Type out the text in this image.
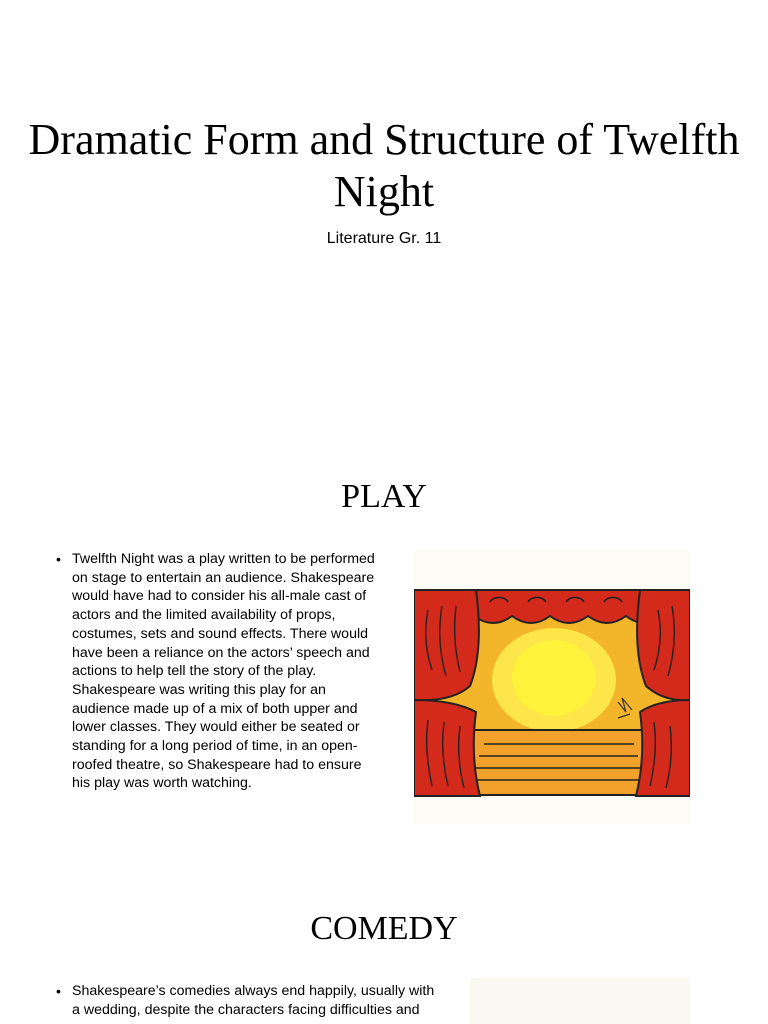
Dramatic Form and Structure of Twelfth Night
Literature Gr. 11
PLAY
• Twelfth Night was a play written to be performed on stage to entertain an audience. Shakespeare would have had to consider his all-male cast of actors and the limited availability of props, costumes, sets and sound effects. There would have been a reliance on the actors’ speech and actions to help tell the story of the play. Shakespeare was writing this play for an audience made up of a mix of both upper and lower classes. They would either be seated or standing for a long period of time, in an open-roofed theatre, so Shakespeare had to ensure his play was worth watching.
COMEDY
• Shakespeare’s comedies always end happily, usually with a wedding, despite the characters facing difficulties and
